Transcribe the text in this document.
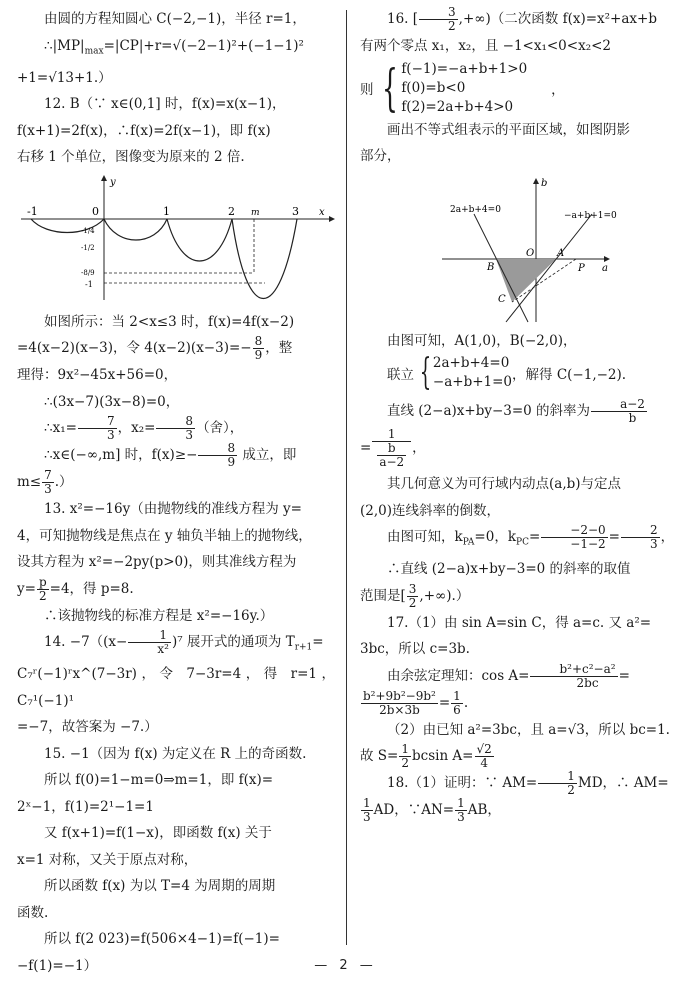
由圆的方程知圆心 C(−2,−1)，半径 r=1，

$\therefore|MP|_{max}=|CP|+r=√(-2-1)^2+(-1-1)^2$

+1=√13+1.）

12. B（∵ x∈(0,1] 时，f(x)=x(x−1)，

f(x+1)=2f(x)，∴f(x)=2f(x−1)，即 f(x)

右移 1 个单位，图像变为原来的 2 倍.

-1	0	1	2 m	3 x
y
-1/4
-1/2
-8/9
-1

如图所示：当 2<x≤3 时，f(x)=4f(x−2)

=4(x−2)(x−3)，令 $4(x-2)(x-3)=- \frac{8}{9}$ ，整

理得：9x²−45x+56=0，

∴(3x−7)(3x−8)=0，

∴x₁= $\frac{7}{3}$ ，$x_2= \frac{8}{3}$ （舍），

∴x∈(−∞,m] 时，$f(x)\ge- \frac{8}{9}$ 成立，即

$m\le \frac{7}{3}$ .）

13. x²=−16y（由抛物线的准线方程为 y=

4，可知抛物线是焦点在 y 轴负半轴上的抛物线，

设其方程为 x²=−2py(p>0)，则其准线方程为

$y= \frac{p}{2} =4$，得 p=8.

∴该抛物线的标准方程是 x²=−16y.）

14. $-7((x- \frac{1}{\text{x²}} )^7$ 展开式的通项为 $T_{r+1}=$

C₇ʳ(−1)ʳx^(7−3r)，令 7−3r=4，得 r=1，C₇¹(−1)¹

=−7，故答案为 −7.）

15. −1（因为 f(x) 为定义在 R 上的奇函数.

所以 f(0)=1−m=0⇒m=1，即 f(x)=

2ˣ−1，f(1)=2¹−1=1

又 f(x+1)=f(1−x)，即函数 f(x) 关于

x=1 对称，又关于原点对称，

所以函数 f(x) 为以 T=4 为周期的周期

函数.

所以 f(2 023)=f(506×4−1)=f(−1)=

−f(1)=−1）

16. [ $\frac{3}{2}$ ,+∞)（二次函数 f(x)=x²+ax+b

有两个零点 x₁，x₂，且 −1<x₁<0<x₂<2

则 { f(−1)=−a+b+1>0
f(0)=b<0
f(2)=2a+b+4>0
，

画出不等式组表示的平面区域，如图阴影

部分，

b
2a+b+4=0
−a+b+1=0
B
O A
P a
C

由图可知，A(1,0)，B(−2,0)，

联立 { 2a+b+4=0
−a+b+1=0 ，解得 C(−1,−2).

直线 (2−a)x+by−3=0 的斜率为 $\frac{a-2}{b}$

= 1
b
a−2 ，

其几何意义为可行域内动点(a,b)与定点

(2,0)连线斜率的倒数，

由图可知，$k_{PA}=0$，$k_{PC}= \frac{-2-0}{-1-2} = \frac{2}{3}$ ，

∴直线 (2−a)x+by−3=0 的斜率的取值

范围是[ $\frac{3}{2}$ ,+∞).）

17.（1）由 sin A=sin C，得 a=c. 又 a²=

3bc，所以 c=3b.

由余弦定理知：$\cos A= \frac{\text{b²+c²−a²}}{2bc}$ =

$\frac{\text{b²+9b²−9b²}}{2b\times 3b} = \frac{1}{6}$ .

（2）由已知 a²=3bc，且 a=√3，所以 bc=1.

故 $S= \frac{1}{2}$ bcsin $A= \frac{√2}{4}$

18.（1）证明：∵ $AM= \frac{1}{2}$ MD，∴ AM=

$\frac{1}{3}$ AD，∵AN= $\frac{1}{3}$ AB，

— 2 —
